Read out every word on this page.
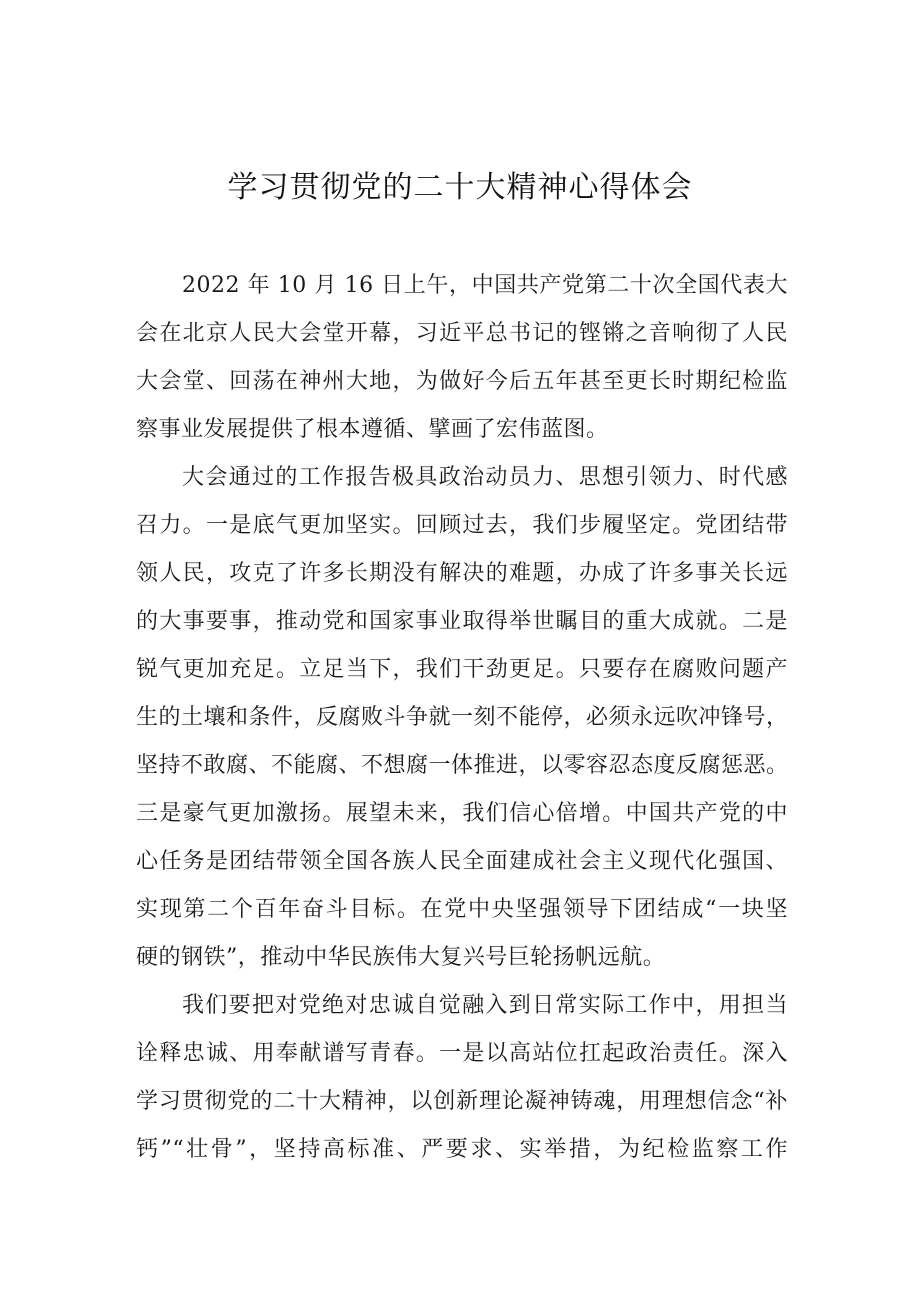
学习贯彻党的二十大精神心得体会
2022 年 10 月 16 日上午，中国共产党第二十次全国代表大
会在北京人民大会堂开幕，习近平总书记的铿锵之音响彻了人民
大会堂、回荡在神州大地，为做好今后五年甚至更长时期纪检监
察事业发展提供了根本遵循、擘画了宏伟蓝图。
大会通过的工作报告极具政治动员力、思想引领力、时代感
召力。一是底气更加坚实。回顾过去，我们步履坚定。党团结带
领人民，攻克了许多长期没有解决的难题，办成了许多事关长远
的大事要事，推动党和国家事业取得举世瞩目的重大成就。二是
锐气更加充足。立足当下，我们干劲更足。只要存在腐败问题产
生的土壤和条件，反腐败斗争就一刻不能停，必须永远吹冲锋号，
坚持不敢腐、不能腐、不想腐一体推进，以零容忍态度反腐惩恶。
三是豪气更加激扬。展望未来，我们信心倍增。中国共产党的中
心任务是团结带领全国各族人民全面建成社会主义现代化强国、
实现第二个百年奋斗目标。在党中央坚强领导下团结成“一块坚
硬的钢铁”，推动中华民族伟大复兴号巨轮扬帆远航。
我们要把对党绝对忠诚自觉融入到日常实际工作中，用担当
诠释忠诚、用奉献谱写青春。一是以高站位扛起政治责任。深入
学习贯彻党的二十大精神，以创新理论凝神铸魂，用理想信念“补
钙”“壮骨”，坚持高标准、严要求、实举措，为纪检监察工作
